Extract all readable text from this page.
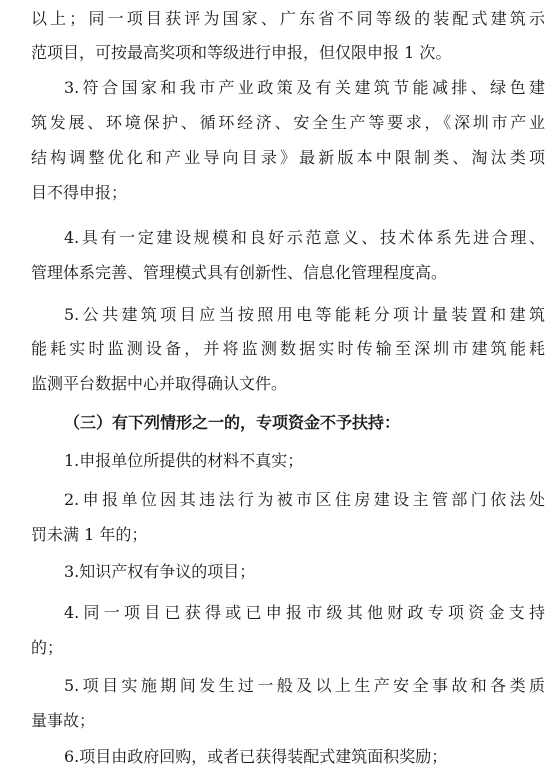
以上；同一项目获评为国家、广东省不同等级的装配式建筑示
范项目，可按最高奖项和等级进行申报，但仅限申报 1 次。
3.符合国家和我市产业政策及有关建筑节能减排、绿色建
筑发展、环境保护、循环经济、安全生产等要求，《深圳市产业
结构调整优化和产业导向目录》最新版本中限制类、淘汰类项
目不得申报；
4.具有一定建设规模和良好示范意义、技术体系先进合理、
管理体系完善、管理模式具有创新性、信息化管理程度高。
5.公共建筑项目应当按照用电等能耗分项计量装置和建筑
能耗实时监测设备，并将监测数据实时传输至深圳市建筑能耗
监测平台数据中心并取得确认文件。
（三）有下列情形之一的，专项资金不予扶持：
1.申报单位所提供的材料不真实；
2.申报单位因其违法行为被市区住房建设主管部门依法处
罚未满 1 年的；
3.知识产权有争议的项目；
4.同一项目已获得或已申报市级其他财政专项资金支持
的；
5.项目实施期间发生过一般及以上生产安全事故和各类质
量事故；
6.项目由政府回购，或者已获得装配式建筑面积奖励；
